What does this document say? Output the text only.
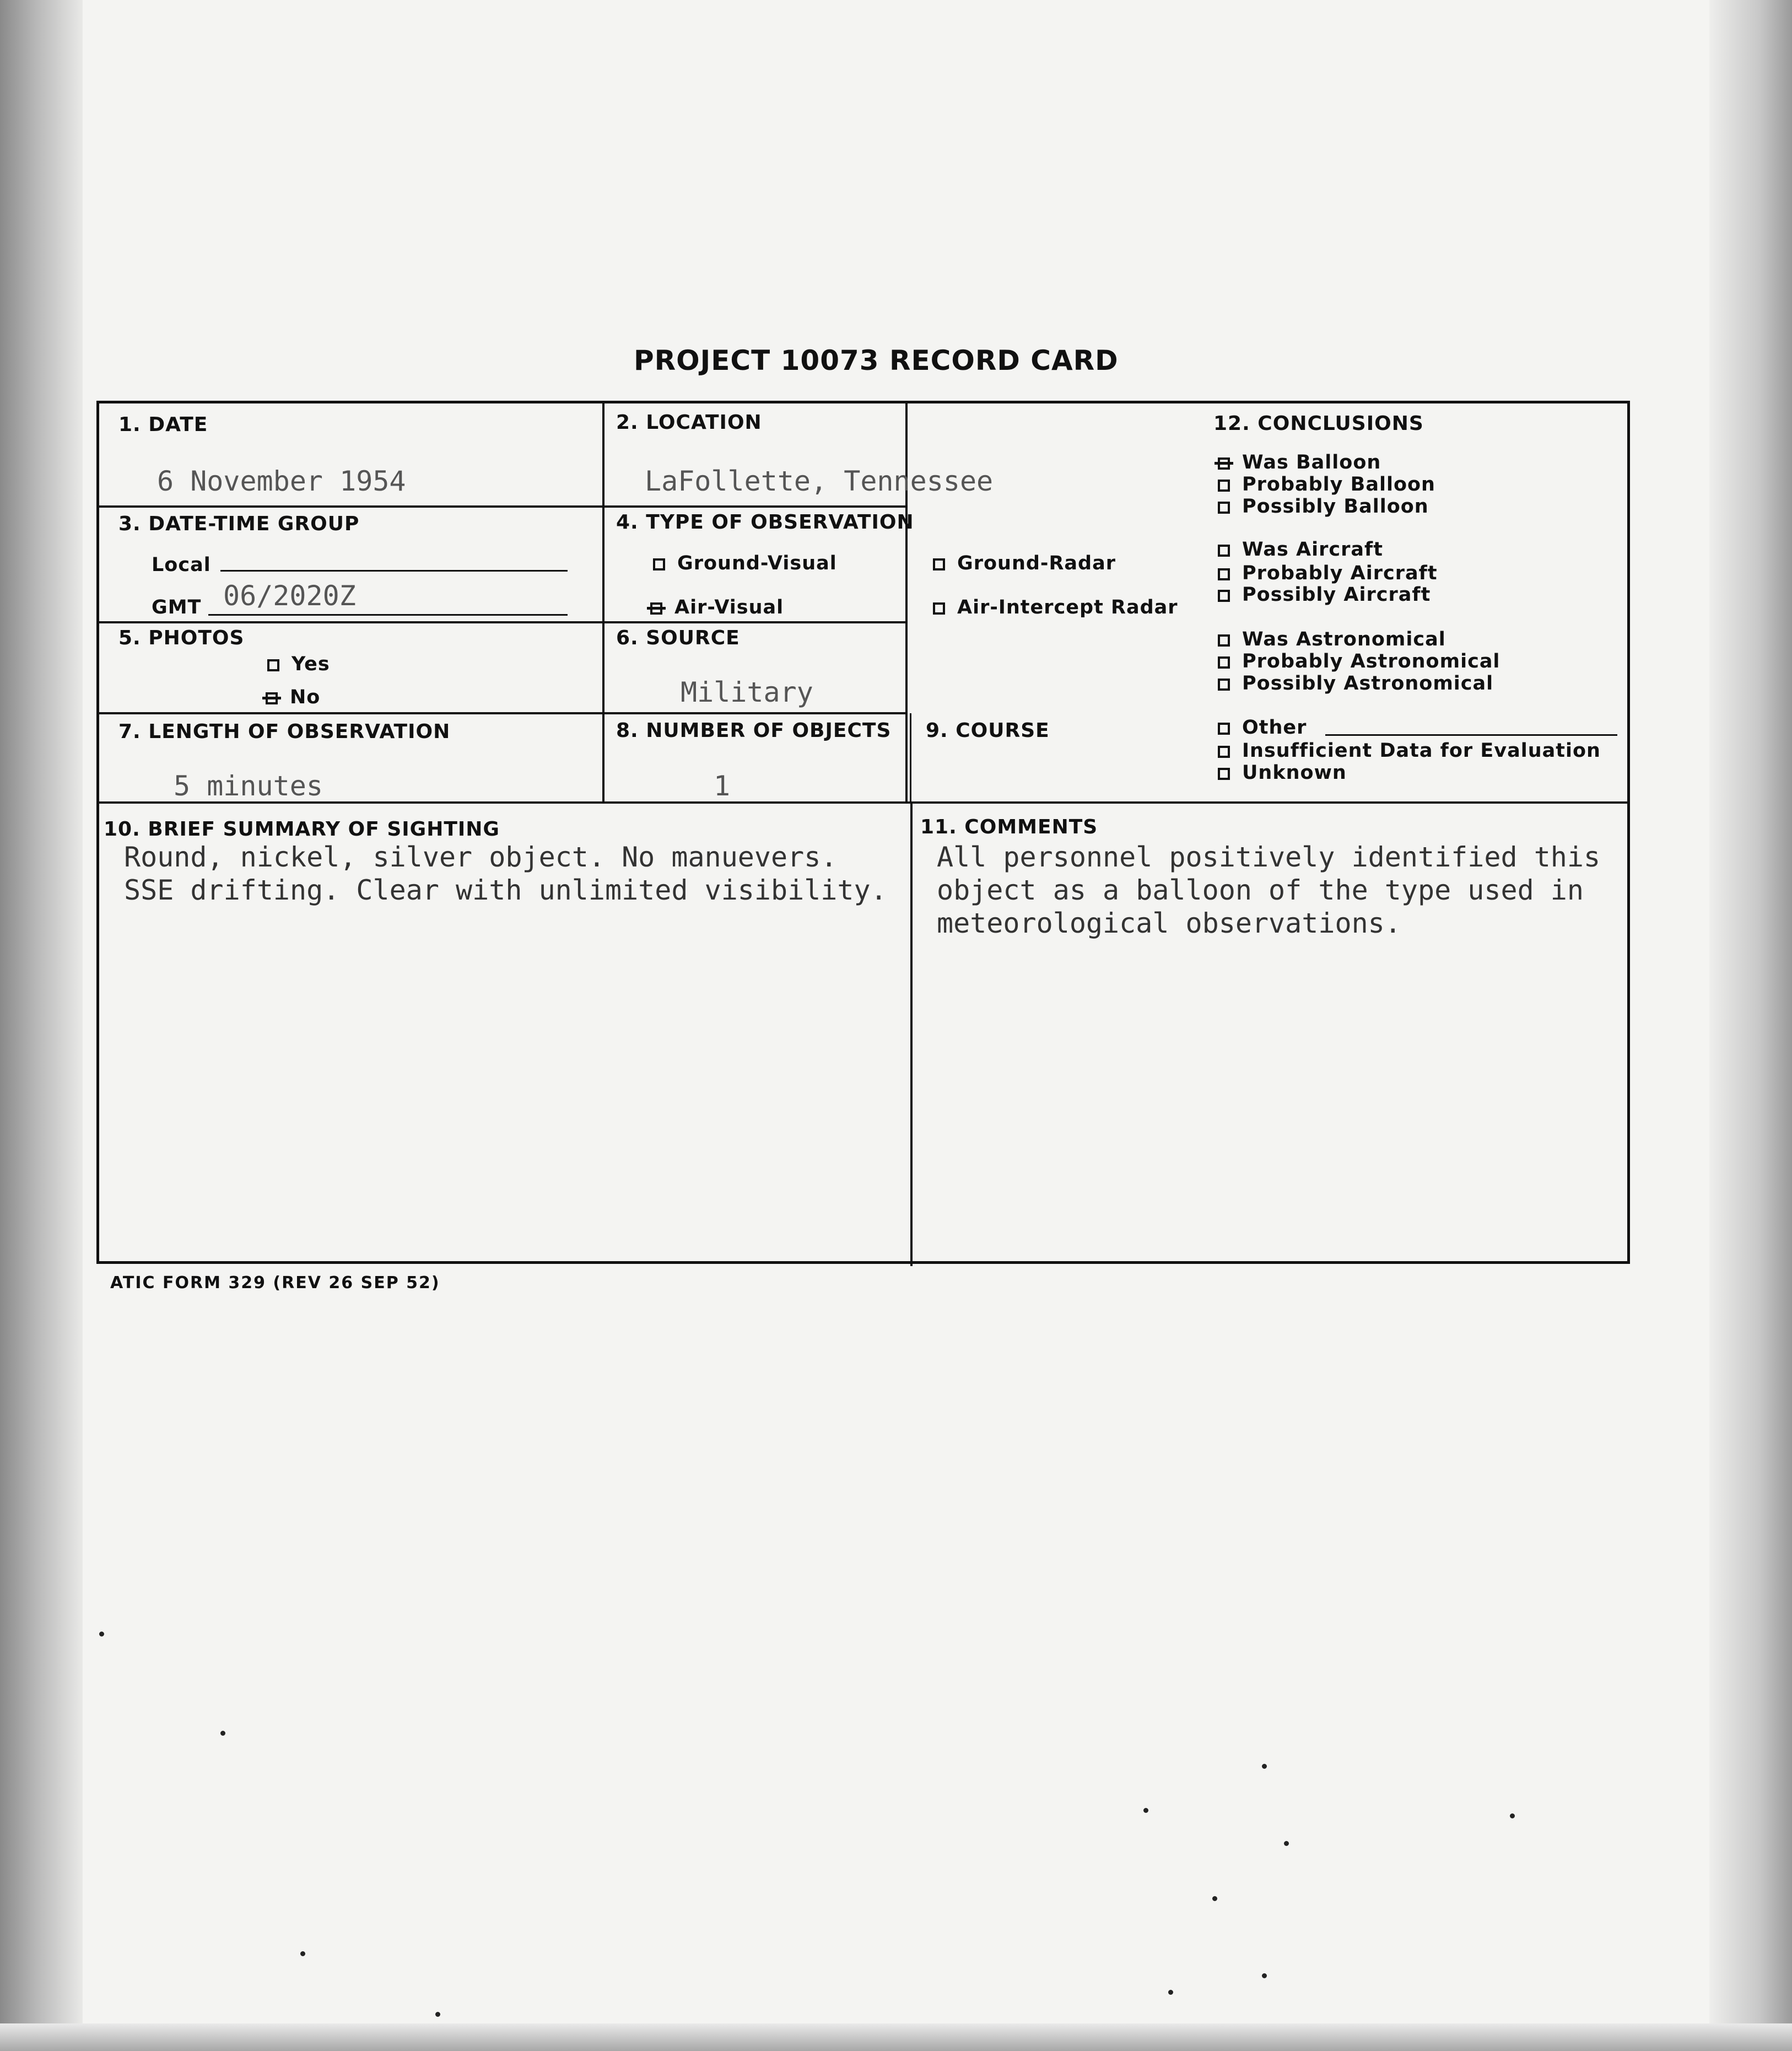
PROJECT 10073 RECORD CARD
1. DATE
6 November 1954
2. LOCATION
LaFollette, Tennessee
3. DATE-TIME GROUP
Local
GMT 06/2020Z
4. TYPE OF OBSERVATION
Ground-Visual	Ground-Radar
Air-Visual	Air-Intercept Radar
5. PHOTOS
Yes
No
6. SOURCE
Military
7. LENGTH OF OBSERVATION
5 minutes
8. NUMBER OF OBJECTS
1
9. COURSE
12. CONCLUSIONS
Was Balloon
Probably Balloon
Possibly Balloon
Was Aircraft
Probably Aircraft
Possibly Aircraft
Was Astronomical
Probably Astronomical
Possibly Astronomical
Other
Insufficient Data for Evaluation
Unknown
10. BRIEF SUMMARY OF SIGHTING
Round, nickel, silver object. No manuevers.
SSE drifting. Clear with unlimited visibility.
11. COMMENTS
All personnel positively identified this
object as a balloon of the type used in
meteorological observations.
ATIC FORM 329 (REV 26 SEP 52)
